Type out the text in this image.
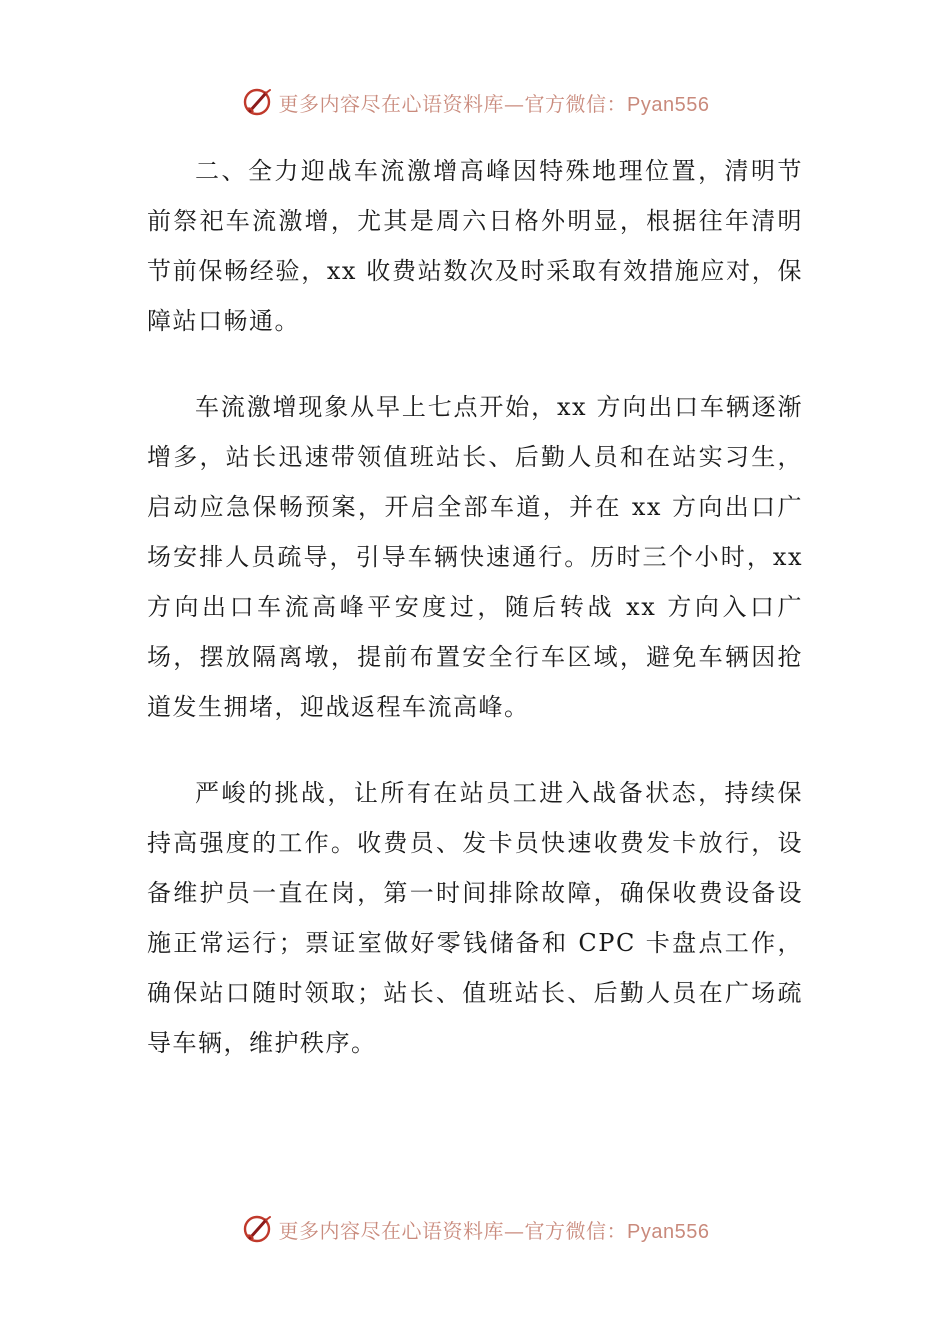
更多内容尽在心语资料库—官方微信：Pyan556

二、全力迎战车流激增高峰因特殊地理位置，清明节前祭祀车流激增，尤其是周六日格外明显，根据往年清明节前保畅经验，xx 收费站数次及时采取有效措施应对，保障站口畅通。

车流激增现象从早上七点开始，xx 方向出口车辆逐渐增多，站长迅速带领值班站长、后勤人员和在站实习生，启动应急保畅预案，开启全部车道，并在 xx 方向出口广场安排人员疏导，引导车辆快速通行。历时三个小时，xx 方向出口车流高峰平安度过，随后转战 xx 方向入口广场，摆放隔离墩，提前布置安全行车区域，避免车辆因抢道发生拥堵，迎战返程车流高峰。

严峻的挑战，让所有在站员工进入战备状态，持续保持高强度的工作。收费员、发卡员快速收费发卡放行，设备维护员一直在岗，第一时间排除故障，确保收费设备设施正常运行；票证室做好零钱储备和 CPC 卡盘点工作，确保站口随时领取；站长、值班站长、后勤人员在广场疏导车辆，维护秩序。

更多内容尽在心语资料库—官方微信：Pyan556
